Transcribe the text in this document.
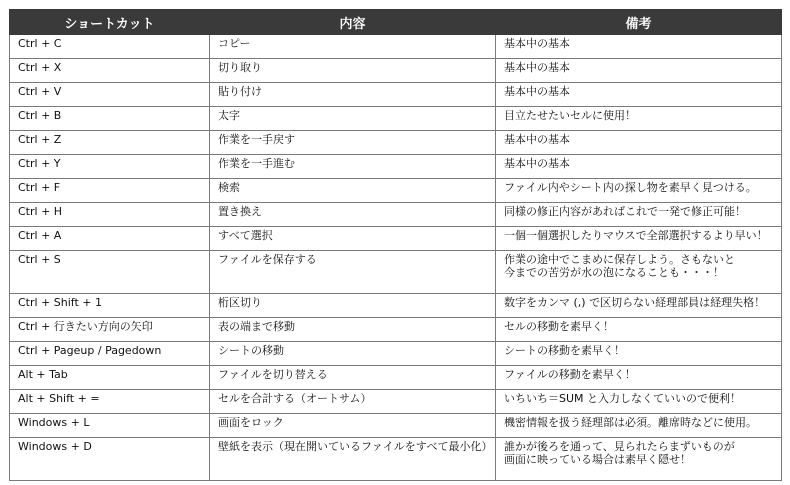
ショートカット	内容	備考
Ctrl + C	コピー	基本中の基本

Ctrl + X	切り取り	基本中の基本

Ctrl + V	貼り付け	基本中の基本

Ctrl + B	太字	目立たせたいセルに使用！

Ctrl + Z	作業を一手戻す	基本中の基本

Ctrl + Y	作業を一手進む	基本中の基本

Ctrl + F	検索	ファイル内やシート内の探し物を素早く見つける。

Ctrl + H	置き換え	同様の修正内容があればこれで一発で修正可能！

Ctrl + A	すべて選択	一個一個選択したりマウスで全部選択するより早い！

Ctrl + S	ファイルを保存する	作業の途中でこまめに保存しよう。さもないと
今までの苦労が水の泡になることも・・・！

Ctrl + Shift + 1	桁区切り	数字をカンマ (,) で区切らない経理部員は経理失格！

Ctrl + 行きたい方向の矢印	表の端まで移動	セルの移動を素早く！

Ctrl + Pageup / Pagedown	シートの移動	シートの移動を素早く！

Alt + Tab	ファイルを切り替える	ファイルの移動を素早く！

Alt + Shift + =	セルを合計する（オートサム）	いちいち＝SUM と入力しなくていいので便利！

Windows + L	画面をロック	機密情報を扱う経理部は必須。離席時などに使用。

Windows + D	壁紙を表示（現在開いているファイルをすべて最小化）	誰かが後ろを通って、見られたらまずいものが
画面に映っている場合は素早く隠せ！
